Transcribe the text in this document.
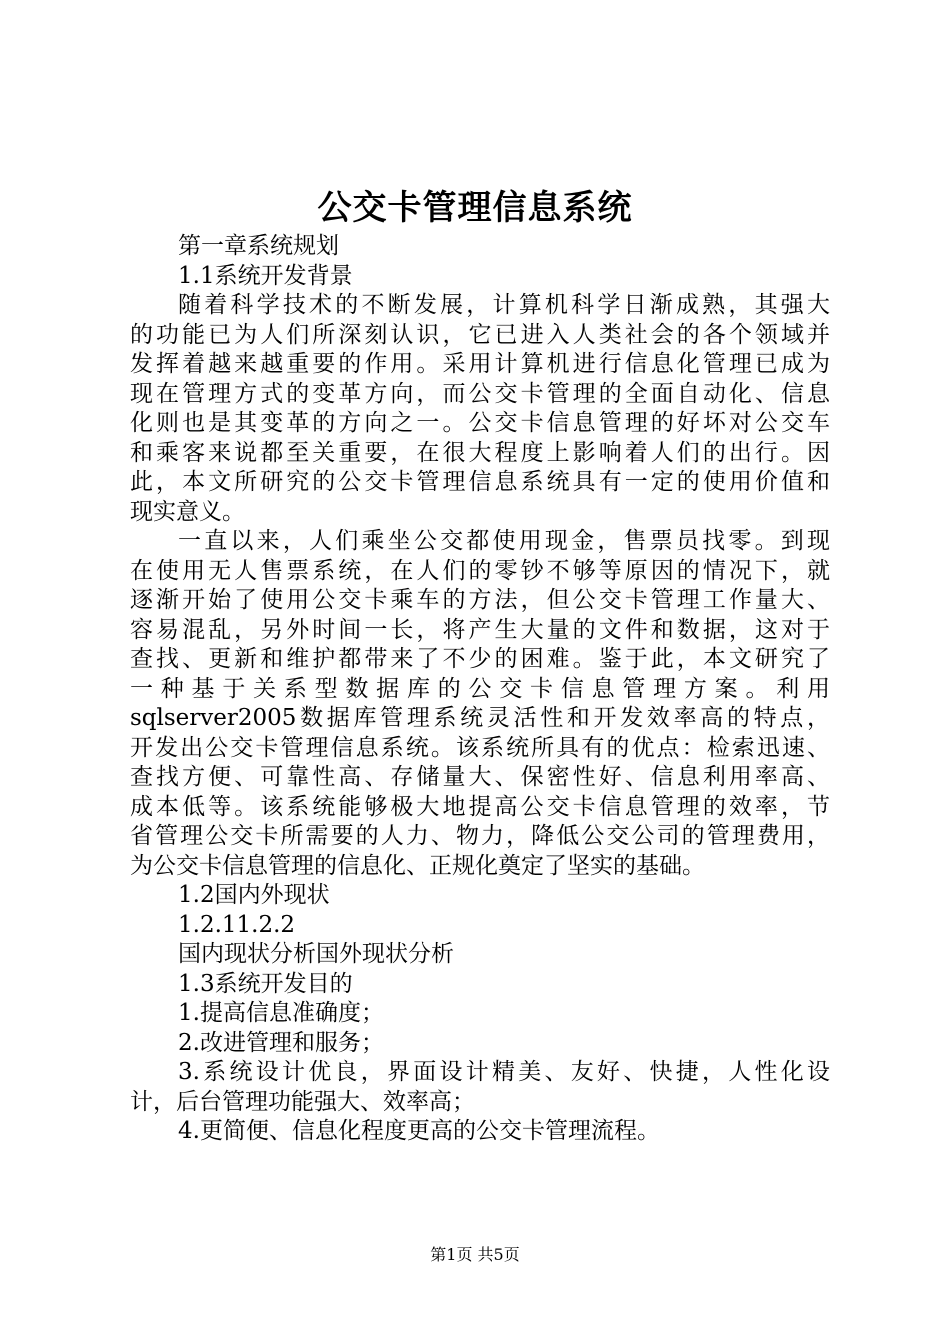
公交卡管理信息系统
第一章系统规划
1.1系统开发背景
随着科学技术的不断发展，计算机科学日渐成熟，其强大
的功能已为人们所深刻认识，它已进入人类社会的各个领域并
发挥着越来越重要的作用。采用计算机进行信息化管理已成为
现在管理方式的变革方向，而公交卡管理的全面自动化、信息
化则也是其变革的方向之一。公交卡信息管理的好坏对公交车
和乘客来说都至关重要，在很大程度上影响着人们的出行。因
此，本文所研究的公交卡管理信息系统具有一定的使用价值和
现实意义。
一直以来，人们乘坐公交都使用现金，售票员找零。到现
在使用无人售票系统，在人们的零钞不够等原因的情况下，就
逐渐开始了使用公交卡乘车的方法，但公交卡管理工作量大、
容易混乱，另外时间一长，将产生大量的文件和数据，这对于
查找、更新和维护都带来了不少的困难。鉴于此，本文研究了
一种基于关系型数据库的公交卡信息管理方案。利用
sqlserver2005数据库管理系统灵活性和开发效率高的特点，
开发出公交卡管理信息系统。该系统所具有的优点：检索迅速、
查找方便、可靠性高、存储量大、保密性好、信息利用率高、
成本低等。该系统能够极大地提高公交卡信息管理的效率，节
省管理公交卡所需要的人力、物力，降低公交公司的管理费用，
为公交卡信息管理的信息化、正规化奠定了坚实的基础。
1.2国内外现状
1.2.11.2.2
国内现状分析国外现状分析
1.3系统开发目的
1.提高信息准确度；
2.改进管理和服务；
3.系统设计优良，界面设计精美、友好、快捷，人性化设
计，后台管理功能强大、效率高；
4.更简便、信息化程度更高的公交卡管理流程。
第1页 共5页
